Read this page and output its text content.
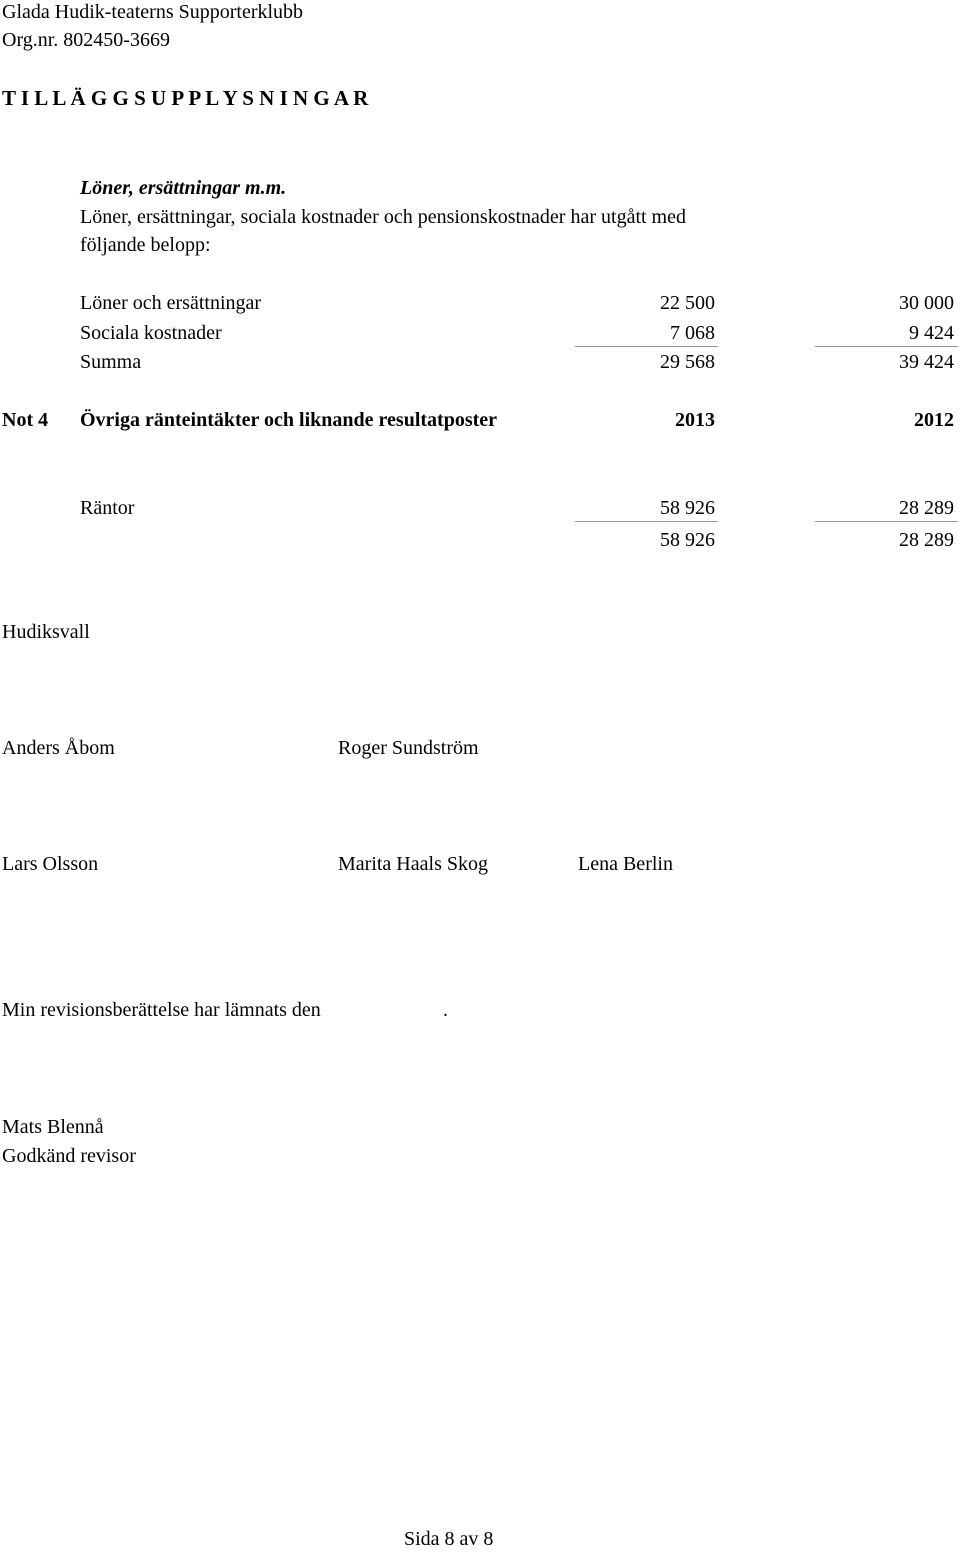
Glada Hudik-teaterns Supporterklubb
Org.nr. 802450-3669
T I L L Ä G G S U P P L Y S N I N G A R
Löner, ersättningar m.m.
Löner, ersättningar, sociala kostnader och pensionskostnader har utgått med
följande belopp:
Löner och ersättningar	22 500	30 000
Sociala kostnader	7 068	9 424
Summa	29 568	39 424
Not 4 Övriga ränteintäkter och liknande resultatposter	2013	2012
Räntor	58 926	28 289
58 926	28 289
Hudiksvall
Anders Åbom	Roger Sundström
Lars Olsson	Marita Haals Skog	Lena Berlin
Min revisionsberättelse har lämnats den	.
Mats Blennå
Godkänd revisor
Sida 8 av 8
